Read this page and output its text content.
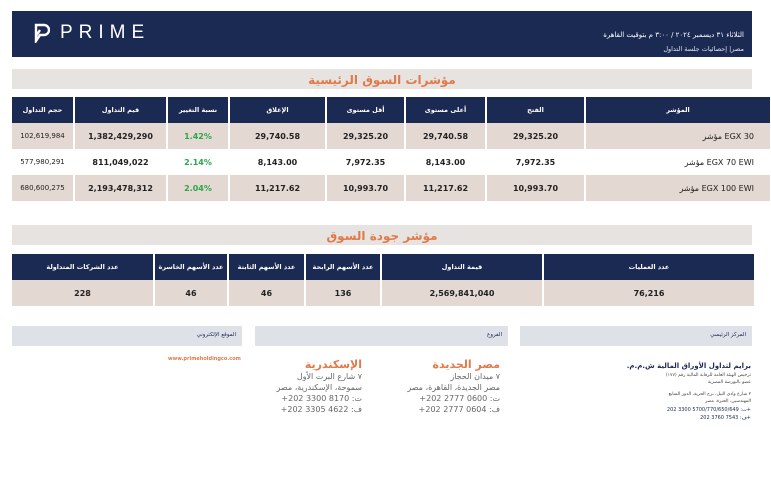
PRIME	الثلاثاء ٣١ ديسمبر ٢٠٢٤ / ٣:٠٠ م بتوقيت القاهرة
مصر| إحصائيات جلسة التداول
مؤشرات السوق الرئيسية
حجم التداول	قيم التداول	نسبة التغيير	الإغلاق	أقل مستوى	أعلى مستوى	الفتح	المؤشر
102,619,984	1,382,429,290	1.42%	29,740.58	29,325.20	29,740.58	29,325.20	مؤشر EGX 30
577,980,291	811,049,022	2.14%	8,143.00	7,972.35	8,143.00	7,972.35	مؤشر EGX 70 EWI
680,600,275	2,193,478,312	2.04%	11,217.62	10,993.70	11,217.62	10,993.70	مؤشر EGX 100 EWI
مؤشر جودة السوق
عدد الشركات المتداولة	عدد الأسهم الخاسرة	عدد الأسهم الثابتة	عدد الأسهم الرابحة	قيمة التداول	عدد العمليات
228	46	46	136	2,569,841,040	76,216
الموقع الإلكتروني	الفروع	المركز الرئيسي
www.primeholdingco.com	مصر الجديدة
٧ ميدان الحجاز
مصر الجديدة، القاهرة، مصر
ت: 0600 2777 202+
ف: 0604 2777 202+
الإسكندرية
٧ شارع البرت الأول
سموحة، الإسكندرية، مصر
ت: 8170 3300 202+
ف: 4622 3305 202+
برايم لتداول الأوراق المالية ش.م.م.
ترخيص الهيئة العامة للرقابة المالية رقم (١٧٧)
عضو بالبورصة المصرية
٢ شارع وادي النيل، برج الحرية، الدور السابع
المهندسين، الجيزة، مصر
ت: 5700/770/650/649 3300 202+
ف: 7543 3760 202+
